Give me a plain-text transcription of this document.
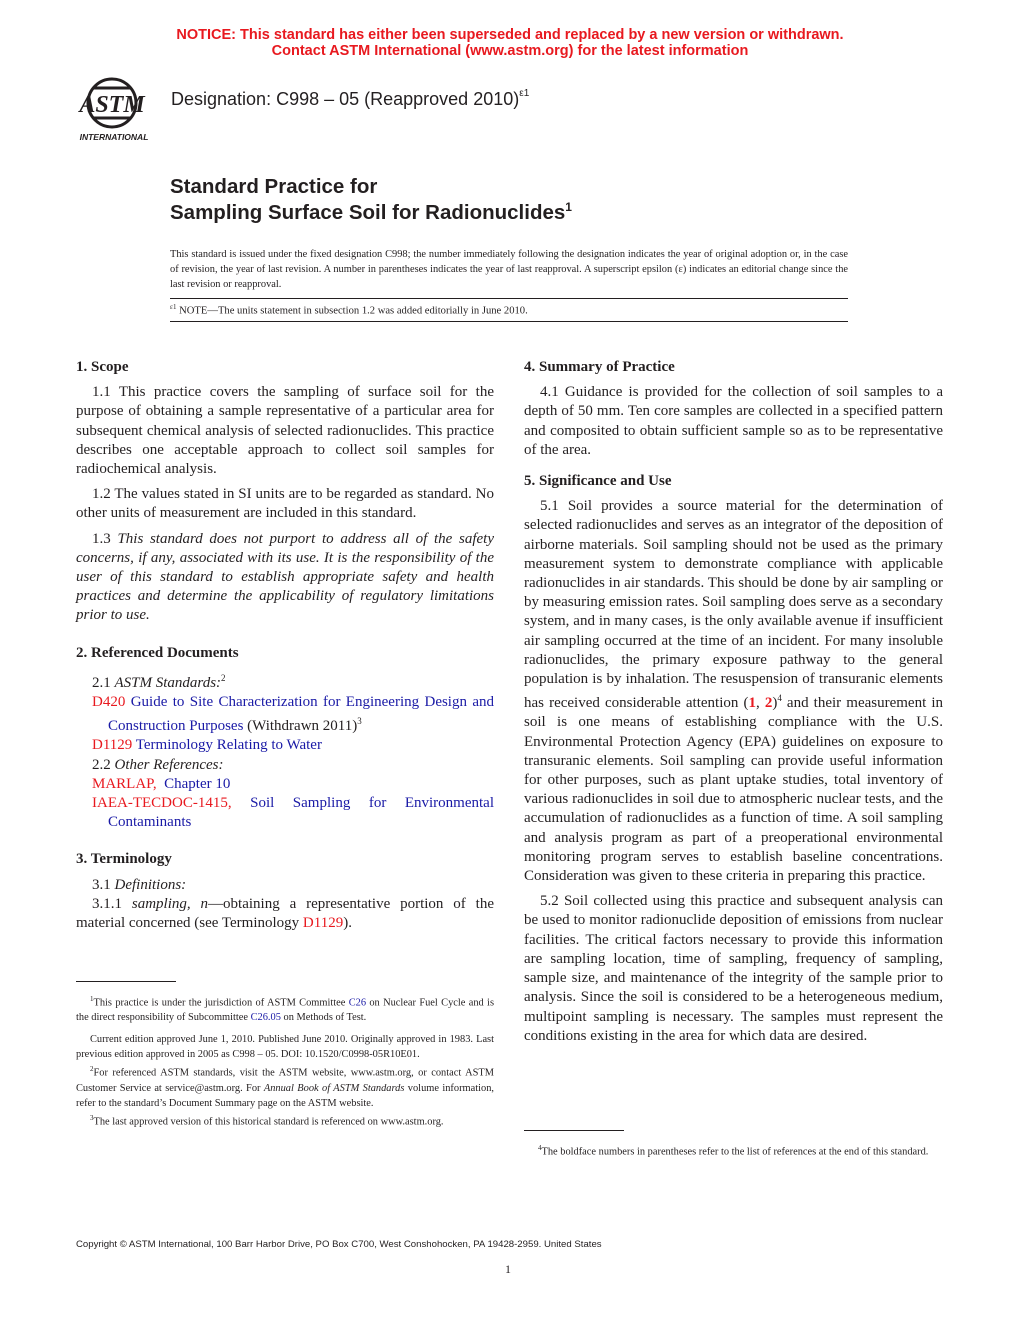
NOTICE: This standard has either been superseded and replaced by a new version or withdrawn.
Contact ASTM International (www.astm.org) for the latest information
ASTM
INTERNATIONAL
Designation: C998 – 05 (Reapproved 2010)$^{\varepsilon 1}$
Standard Practice for
Sampling Surface Soil for Radionuclides$^1$
This standard is issued under the fixed designation C998; the number immediately following the designation indicates the year of original adoption or, in the case of revision, the year of last revision. A number in parentheses indicates the year of last reapproval. A superscript epsilon (ε) indicates an editorial change since the last revision or reapproval.
$^{\varepsilon 1}$ NOTE—The units statement in subsection 1.2 was added editorially in June 2010.

1. Scope

1.1 This practice covers the sampling of surface soil for the purpose of obtaining a sample representative of a particular area for subsequent chemical analysis of selected radionuclides. This practice describes one acceptable approach to collect soil samples for radiochemical analysis.

1.2 The values stated in SI units are to be regarded as standard. No other units of measurement are included in this standard.

1.3 This standard does not purport to address all of the safety concerns, if any, associated with its use. It is the responsibility of the user of this standard to establish appropriate safety and health practices and determine the applicability of regulatory limitations prior to use.

2. Referenced Documents

2.1 ASTM Standards:$^2$

D420 Guide to Site Characterization for Engineering Design and Construction Purposes (Withdrawn 2011)$^3$

D1129 Terminology Relating to Water

2.2 Other References:

MARLAP, Chapter 10

IAEA-TECDOC-1415, Soil Sampling for Environmental Contaminants

3. Terminology

3.1 Definitions:

3.1.1 sampling, n—obtaining a representative portion of the material concerned (see Terminology D1129).

$^1$This practice is under the jurisdiction of ASTM Committee C26 on Nuclear Fuel Cycle and is the direct responsibility of Subcommittee C26.05 on Methods of Test.

Current edition approved June 1, 2010. Published June 2010. Originally approved in 1983. Last previous edition approved in 2005 as C998 – 05. DOI: 10.1520/C0998-05R10E01.

$^2$For referenced ASTM standards, visit the ASTM website, www.astm.org, or contact ASTM Customer Service at service@astm.org. For Annual Book of ASTM Standards volume information, refer to the standard’s Document Summary page on the ASTM website.

$^3$The last approved version of this historical standard is referenced on www.astm.org.

4. Summary of Practice

4.1 Guidance is provided for the collection of soil samples to a depth of 50 mm. Ten core samples are collected in a specified pattern and composited to obtain sufficient sample so as to be representative of the area.

5. Significance and Use

5.1 Soil provides a source material for the determination of selected radionuclides and serves as an integrator of the deposition of airborne materials. Soil sampling should not be used as the primary measurement system to demonstrate compliance with applicable radionuclides in air standards. This should be done by air sampling or by measuring emission rates. Soil sampling does serve as a secondary system, and in many cases, is the only available avenue if insufficient air sampling occurred at the time of an incident. For many insoluble radionuclides, the primary exposure pathway to the general population is by inhalation. The resuspension of transuranic elements has received considerable attention (1, 2)$^4$ and their measurement in soil is one means of establishing compliance with the U.S. Environmental Protection Agency (EPA) guidelines on exposure to transuranic elements. Soil sampling can provide useful information for other purposes, such as plant uptake studies, total inventory of various radionuclides in soil due to atmospheric nuclear tests, and the accumulation of radionuclides as a function of time. A soil sampling and analysis program as part of a preoperational environmental monitoring program serves to establish baseline concentrations. Consideration was given to these criteria in preparing this practice.

5.2 Soil collected using this practice and subsequent analysis can be used to monitor radionuclide deposition of emissions from nuclear facilities. The critical factors necessary to provide this information are sampling location, time of sampling, frequency of sampling, sample size, and maintenance of the integrity of the sample prior to analysis. Since the soil is considered to be a heterogeneous medium, multipoint sampling is necessary. The samples must represent the conditions existing in the area for which data are desired.

$^4$The boldface numbers in parentheses refer to the list of references at the end of this standard.

Copyright © ASTM International, 100 Barr Harbor Drive, PO Box C700, West Conshohocken, PA 19428-2959. United States
1
